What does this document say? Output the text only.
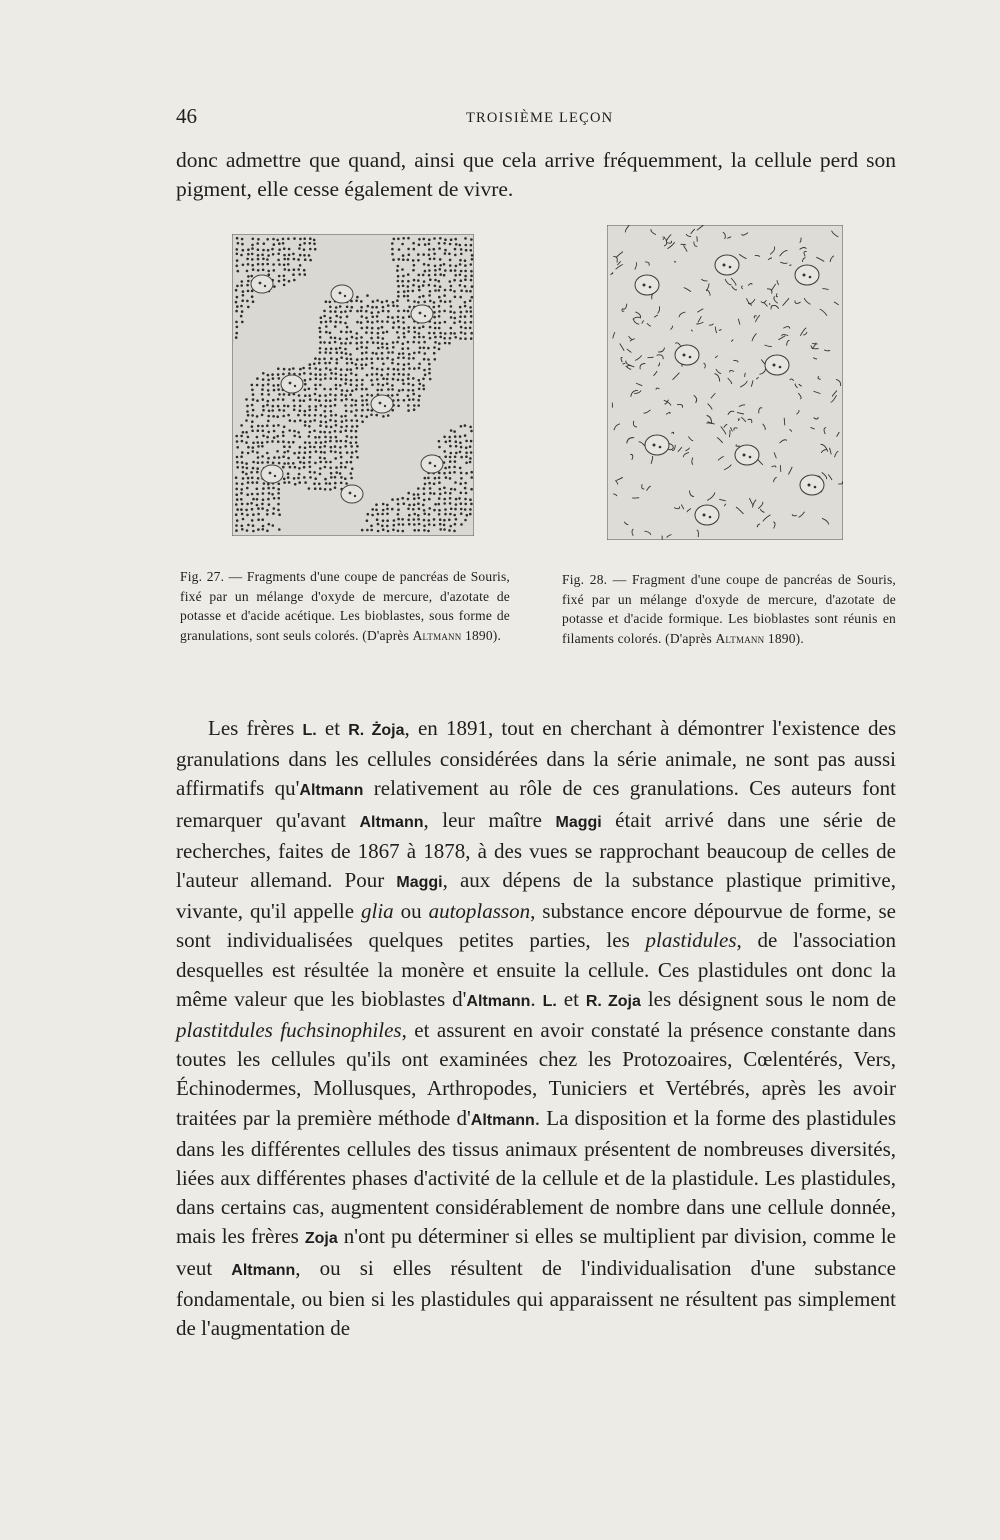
46	TROISIÈME LEÇON
donc admettre que quand, ainsi que cela arrive fréquemment, la cellule perd son pigment, elle cesse également de vivre.
Fig. 27. — Fragments d'une coupe de pancréas de Souris, fixé par un mélange d'oxyde de mercure, d'azotate de potasse et d'acide acétique. Les bioblastes, sous forme de granulations, sont seuls colorés. (D'après Altmann 1890).
Fig. 28. — Fragment d'une coupe de pancréas de Souris, fixé par un mélange d'oxyde de mercure, d'azotate de potasse et d'acide formique. Les bioblastes sont réunis en filaments colorés. (D'après Altmann 1890).

Les frères L. et R. Żoja, en 1891, tout en cherchant à démontrer l'existence des granulations dans les cellules considérées dans la série animale, ne sont pas aussi affirmatifs qu'Altmann relativement au rôle de ces granulations. Ces auteurs font remarquer qu'avant Altmann, leur maître Maggi était arrivé dans une série de recherches, faites de 1867 à 1878, à des vues se rapprochant beaucoup de celles de l'auteur allemand. Pour Maggi, aux dépens de la substance plastique primitive, vivante, qu'il appelle glia ou autoplasson, substance encore dépourvue de forme, se sont individualisées quelques petites parties, les plastidules, de l'association desquelles est résultée la monère et ensuite la cellule. Ces plastidules ont donc la même valeur que les bioblastes d'Altmann. L. et R. Zoja les désignent sous le nom de plastitdules fuchsinophiles, et assurent en avoir constaté la présence constante dans toutes les cellules qu'ils ont examinées chez les Protozoaires, Cœlentérés, Vers, Échinodermes, Mollusques, Arthropodes, Tuniciers et Vertébrés, après les avoir traitées par la première méthode d'Altmann. La disposition et la forme des plastidules dans les différentes cellules des tissus animaux présentent de nombreuses diversités, liées aux différentes phases d'activité de la cellule et de la plastidule. Les plastidules, dans certains cas, augmentent considérablement de nombre dans une cellule donnée, mais les frères Zoja n'ont pu déterminer si elles se multiplient par division, comme le veut Altmann, ou si elles résultent de l'individualisation d'une substance fondamentale, ou bien si les plastidules qui apparaissent ne résultent pas simplement de l'augmentation de
